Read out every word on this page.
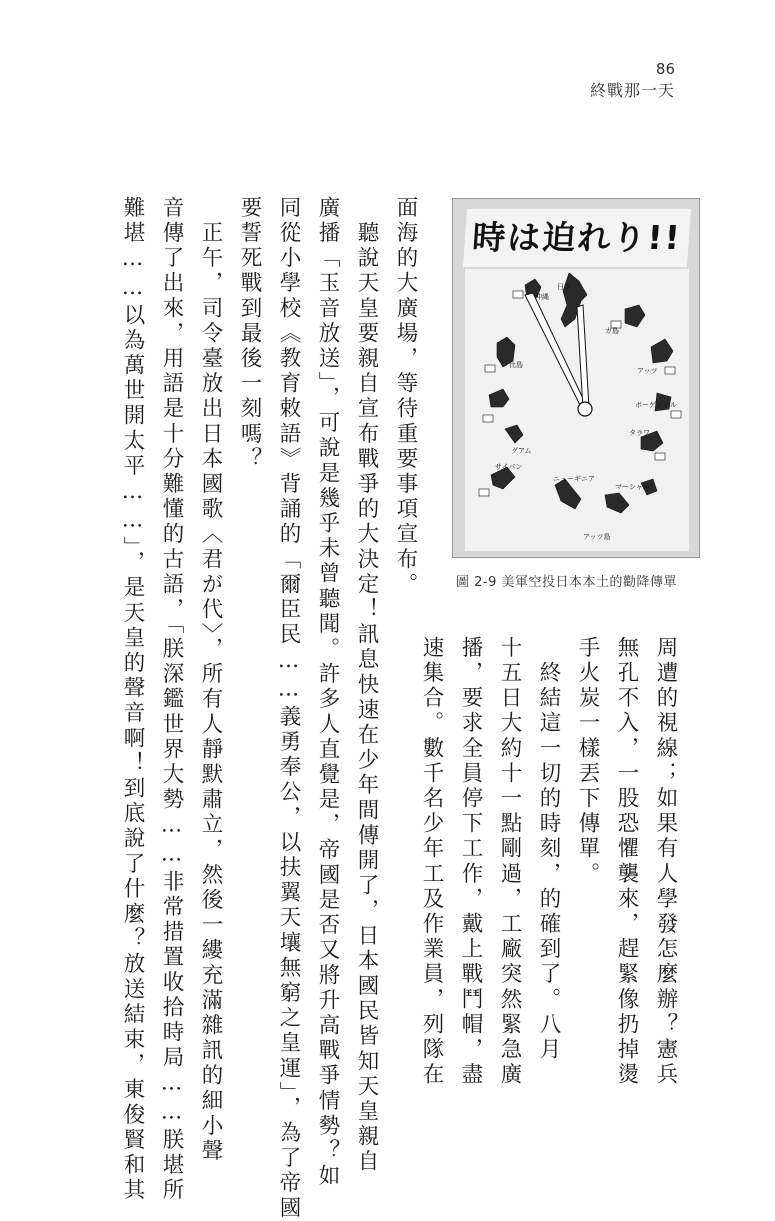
86
終戰那一天
時は迫れり!!
沖縄
日本
ガ島
アッツ
比島
ボーゲンビル
グアム
タラワ
サイパン
ニューギニア
マーシャル
アッツ島
圖 2-9 美軍空投日本本土的勸降傳單
周遭的視線；如果有人學發怎麼辦？憲兵
無孔不入，一股恐懼襲來，趕緊像扔掉燙
手火炭一樣丟下傳單。
　終結這一切的時刻，的確到了。八月
十五日大約十一點剛過，工廠突然緊急廣
播，要求全員停下工作，戴上戰鬥帽，盡
速集合。數千名少年工及作業員，列隊在
面海的大廣場，等待重要事項宣布。
　聽說天皇要親自宣布戰爭的大決定！訊息快速在少年間傳開了，日本國民皆知天皇親自
廣播「玉音放送」，可說是幾乎未曾聽聞。許多人直覺是，帝國是否又將升高戰爭情勢？如
同從小學校《教育敕語》背誦的「爾臣民……義勇奉公，以扶翼天壤無窮之皇運」，為了帝國
要誓死戰到最後一刻嗎？
　正午，司令臺放出日本國歌〈君が代〉，所有人靜默肅立，然後一縷充滿雜訊的細小聲
音傳了出來，用語是十分難懂的古語，「朕深鑑世界大勢……非常措置收拾時局……朕堪所
難堪……以為萬世開太平……」，是天皇的聲音啊！到底說了什麼？放送結束，東俊賢和其
